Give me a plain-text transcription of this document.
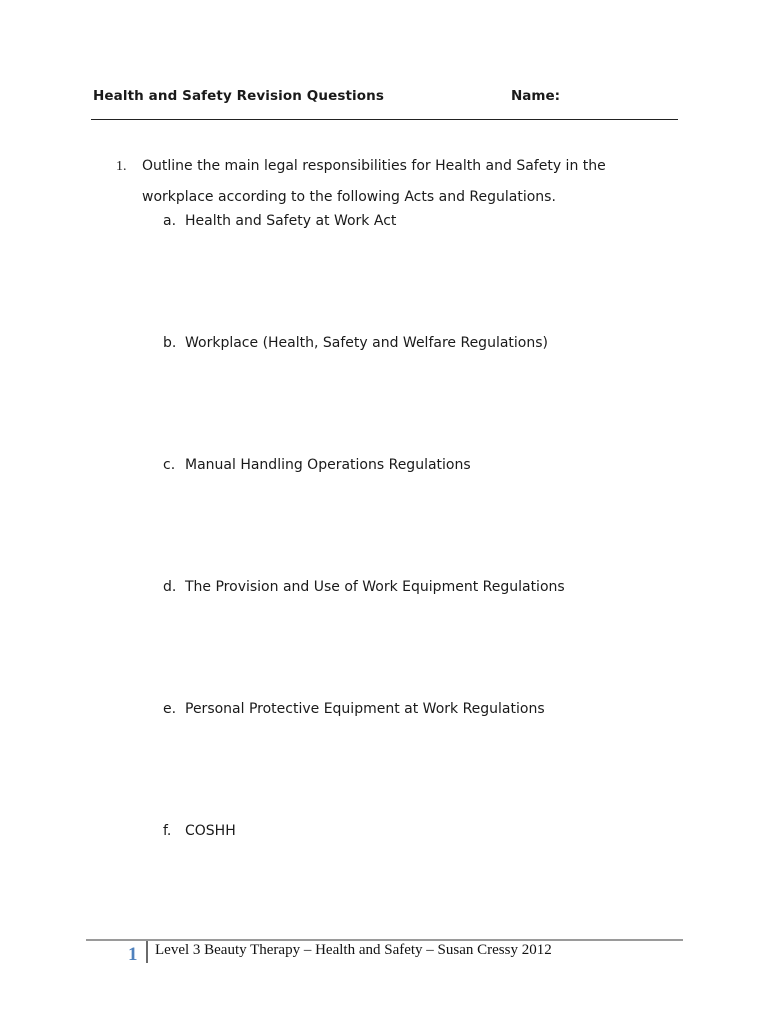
Health and Safety Revision Questions	Name:
1. Outline the main legal responsibilities for Health and Safety in the workplace according to the following Acts and Regulations.
a. Health and Safety at Work Act
b. Workplace (Health, Safety and Welfare Regulations)
c. Manual Handling Operations Regulations
d. The Provision and Use of Work Equipment Regulations
e. Personal Protective Equipment at Work Regulations
f. COSHH
1 Level 3 Beauty Therapy – Health and Safety – Susan Cressy 2012
